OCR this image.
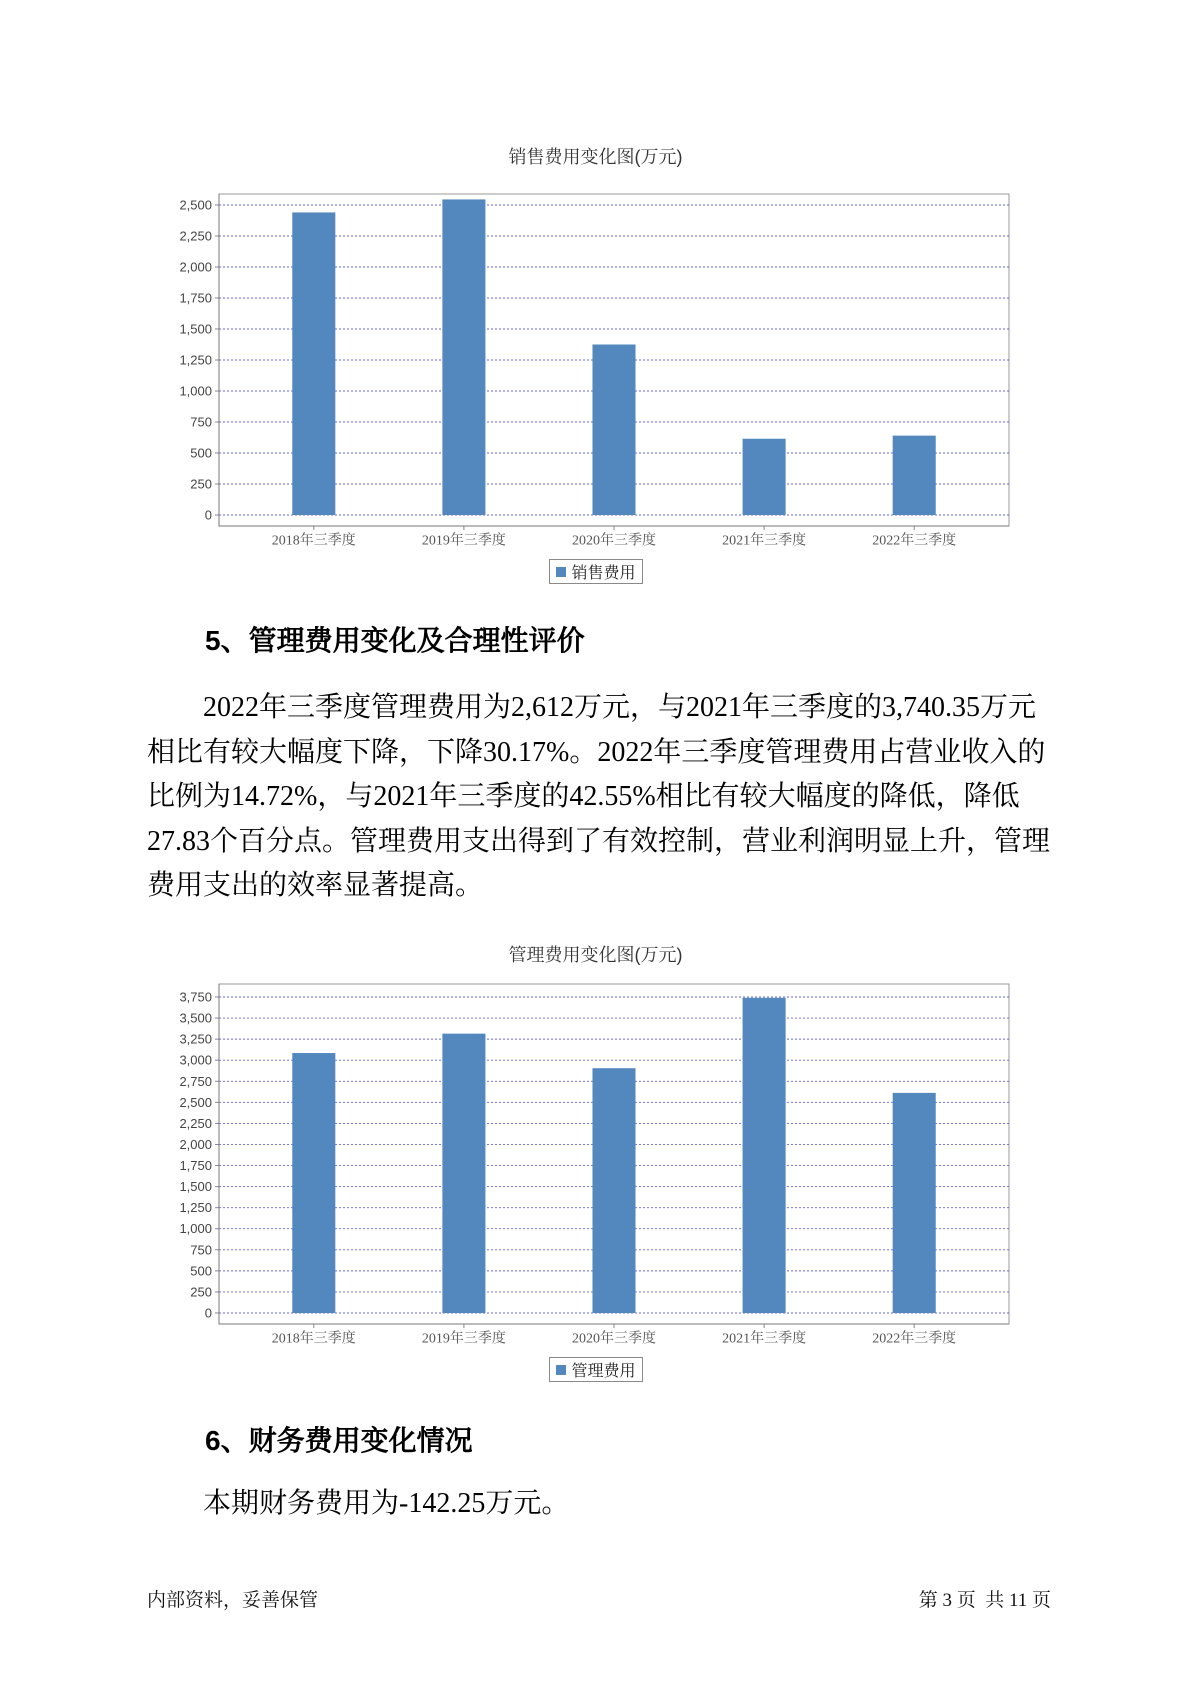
销售费用变化图(万元)
0
250
500
750
1,000
1,250
1,500
1,750
2,000
2,250
2,500
2018年三季度	2019年三季度	2020年三季度	2021年三季度	2022年三季度
销售费用
5、管理费用变化及合理性评价
2022年三季度管理费用为2,612万元，与2021年三季度的3,740.35万元
相比有较大幅度下降，下降30.17%。2022年三季度管理费用占营业收入的
比例为14.72%，与2021年三季度的42.55%相比有较大幅度的降低，降低
27.83个百分点。管理费用支出得到了有效控制，营业利润明显上升，管理
费用支出的效率显著提高。
管理费用变化图(万元)
0
250
500
750
1,000
1,250
1,500
1,750
2,000
2,250
2,500
2,750
3,000
3,250
3,500
3,750
2018年三季度	2019年三季度	2020年三季度	2021年三季度	2022年三季度
管理费用
6、财务费用变化情况
本期财务费用为-142.25万元。
内部资料，妥善保管	第 3 页  共 11 页
